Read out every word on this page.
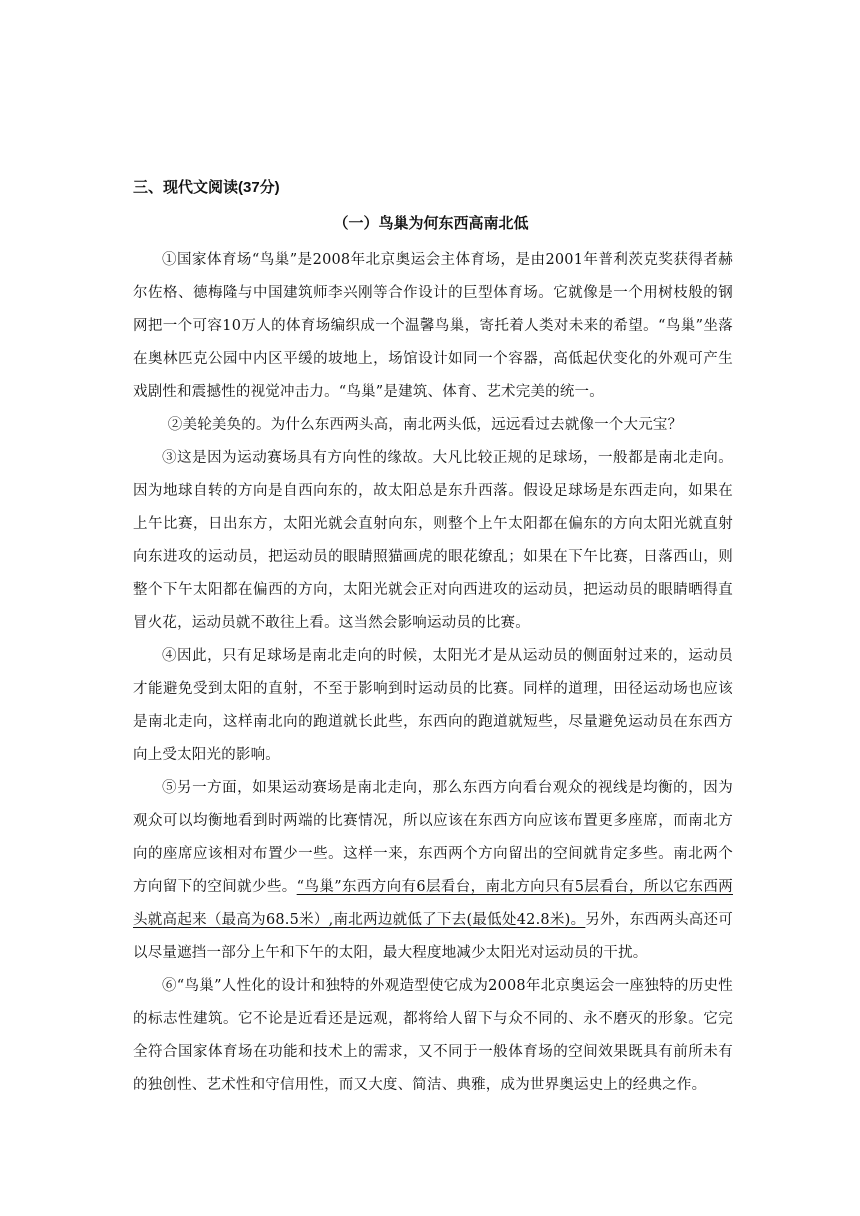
三、现代文阅读(37分)
（一）鸟巢为何东西高南北低

①国家体育场“鸟巢”是2008年北京奥运会主体育场，是由2001年普利茨克奖获得者赫尔佐格、德梅隆与中国建筑师李兴刚等合作设计的巨型体育场。它就像是一个用树枝般的钢网把一个可容10万人的体育场编织成一个温馨鸟巢，寄托着人类对未来的希望。“鸟巢”坐落在奥林匹克公园中内区平缓的坡地上，场馆设计如同一个容器，高低起伏变化的外观可产生戏剧性和震撼性的视觉冲击力。“鸟巢”是建筑、体育、艺术完美的统一。

②美轮美奂的。为什么东西两头高，南北两头低，远远看过去就像一个大元宝？

③这是因为运动赛场具有方向性的缘故。大凡比较正规的足球场，一般都是南北走向。因为地球自转的方向是自西向东的，故太阳总是东升西落。假设足球场是东西走向，如果在上午比赛，日出东方，太阳光就会直射向东，则整个上午太阳都在偏东的方向太阳光就直射向东进攻的运动员，把运动员的眼睛照猫画虎的眼花缭乱；如果在下午比赛，日落西山，则整个下午太阳都在偏西的方向，太阳光就会正对向西进攻的运动员，把运动员的眼睛晒得直冒火花，运动员就不敢往上看。这当然会影响运动员的比赛。

④因此，只有足球场是南北走向的时候，太阳光才是从运动员的侧面射过来的，运动员才能避免受到太阳的直射，不至于影响到时运动员的比赛。同样的道理，田径运动场也应该是南北走向，这样南北向的跑道就长此些，东西向的跑道就短些，尽量避免运动员在东西方向上受太阳光的影响。

⑤另一方面，如果运动赛场是南北走向，那么东西方向看台观众的视线是均衡的，因为观众可以均衡地看到时两端的比赛情况，所以应该在东西方向应该布置更多座席，而南北方向的座席应该相对布置少一些。这样一来，东西两个方向留出的空间就肯定多些。南北两个方向留下的空间就少些。“鸟巢”东西方向有6层看台，南北方向只有5层看台，所以它东西两头就高起来（最高为68.5米）,南北两边就低了下去(最低处42.8米)。另外，东西两头高还可以尽量遮挡一部分上午和下午的太阳，最大程度地减少太阳光对运动员的干扰。

⑥“鸟巢”人性化的设计和独特的外观造型使它成为2008年北京奥运会一座独特的历史性的标志性建筑。它不论是近看还是远观，都将给人留下与众不同的、永不磨灭的形象。它完全符合国家体育场在功能和技术上的需求，又不同于一般体育场的空间效果既具有前所未有的独创性、艺术性和守信用性，而又大度、简洁、典雅，成为世界奥运史上的经典之作。
